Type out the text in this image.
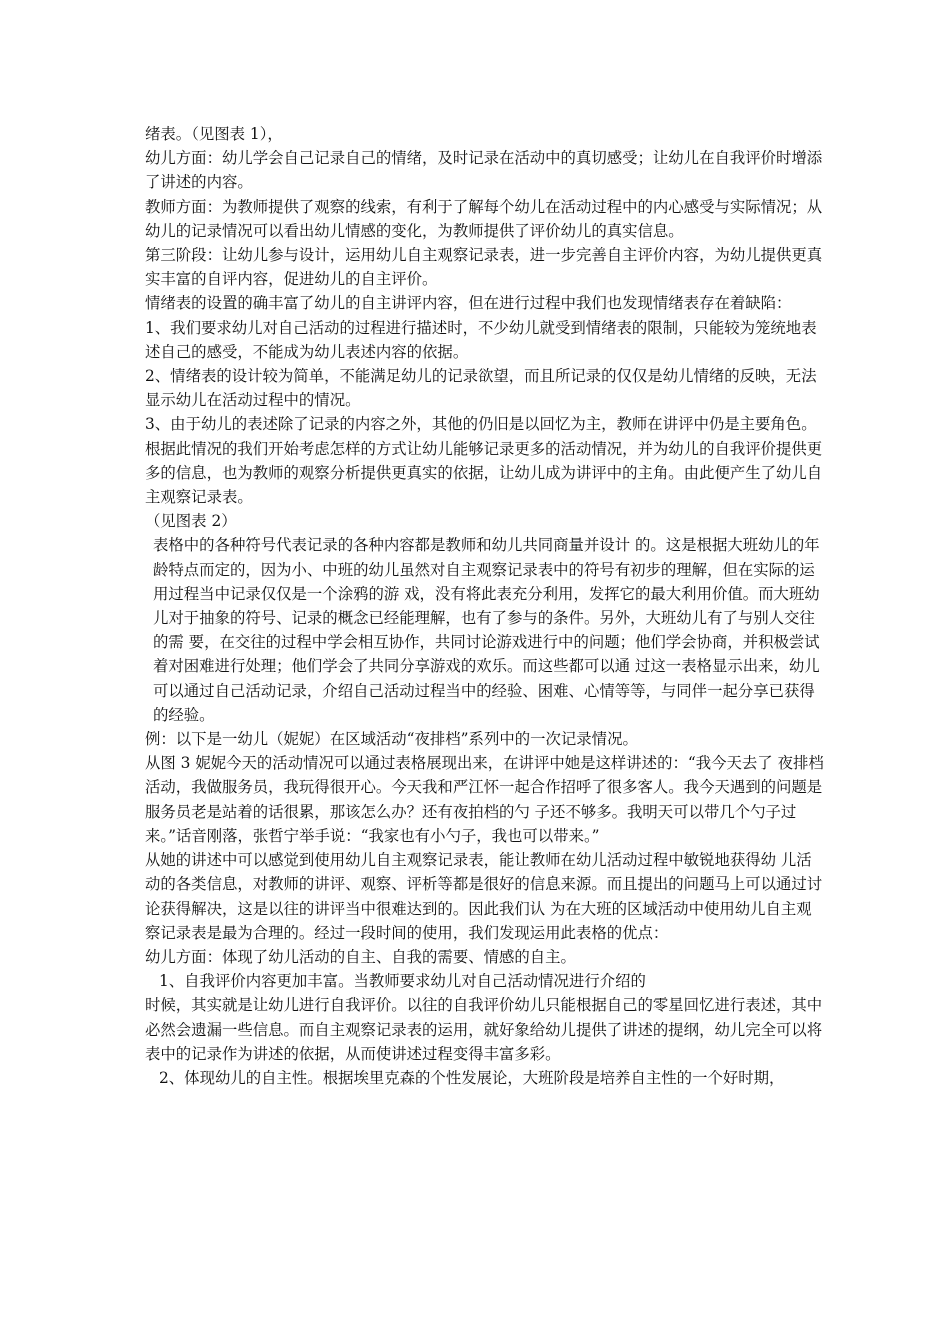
绪表。（见图表 1），

幼儿方面：幼儿学会自己记录自己的情绪，及时记录在活动中的真切感受；让幼儿在自我评价时增添了讲述的内容。

教师方面：为教师提供了观察的线索，有利于了解每个幼儿在活动过程中的内心感受与实际情况；从幼儿的记录情况可以看出幼儿情感的变化，为教师提供了评价幼儿的真实信息。

第三阶段：让幼儿参与设计，运用幼儿自主观察记录表，进一步完善自主评价内容，为幼儿提供更真实丰富的自评内容，促进幼儿的自主评价。

情绪表的设置的确丰富了幼儿的自主讲评内容，但在进行过程中我们也发现情绪表存在着缺陷：

1、我们要求幼儿对自己活动的过程进行描述时，不少幼儿就受到情绪表的限制，只能较为笼统地表述自己的感受，不能成为幼儿表述内容的依据。

2、情绪表的设计较为简单，不能满足幼儿的记录欲望，而且所记录的仅仅是幼儿情绪的反映，无法显示幼儿在活动过程中的情况。

3、由于幼儿的表述除了记录的内容之外，其他的仍旧是以回忆为主，教师在讲评中仍是主要角色。

根据此情况的我们开始考虑怎样的方式让幼儿能够记录更多的活动情况，并为幼儿的自我评价提供更多的信息，也为教师的观察分析提供更真实的依据，让幼儿成为讲评中的主角。由此便产生了幼儿自主观察记录表。

（见图表 2）

表格中的各种符号代表记录的各种内容都是教师和幼儿共同商量并设计 的。这是根据大班幼儿的年龄特点而定的，因为小、中班的幼儿虽然对自主观察记录表中的符号有初步的理解，但在实际的运用过程当中记录仅仅是一个涂鸦的游 戏，没有将此表充分利用，发挥它的最大利用价值。而大班幼儿对于抽象的符号、记录的概念已经能理解，也有了参与的条件。另外，大班幼儿有了与别人交往的需 要，在交往的过程中学会相互协作，共同讨论游戏进行中的问题；他们学会协商，并积极尝试着对困难进行处理；他们学会了共同分享游戏的欢乐。而这些都可以通 过这一表格显示出来，幼儿可以通过自己活动记录，介绍自己活动过程当中的经验、困难、心情等等，与同伴一起分享已获得的经验。

例：以下是一幼儿（妮妮）在区域活动“夜排档”系列中的一次记录情况。

从图 3 妮妮今天的活动情况可以通过表格展现出来，在讲评中她是这样讲述的：“我今天去了 夜排档活动，我做服务员，我玩得很开心。今天我和严江怀一起合作招呼了很多客人。我今天遇到的问题是服务员老是站着的话很累，那该怎么办？还有夜拍档的勺 子还不够多。我明天可以带几个勺子过来。”话音刚落，张哲宁举手说：“我家也有小勺子，我也可以带来。”

从她的讲述中可以感觉到使用幼儿自主观察记录表，能让教师在幼儿活动过程中敏锐地获得幼 儿活动的各类信息，对教师的讲评、观察、评析等都是很好的信息来源。而且提出的问题马上可以通过讨论获得解决，这是以往的讲评当中很难达到的。因此我们认 为在大班的区域活动中使用幼儿自主观察记录表是最为合理的。经过一段时间的使用，我们发现运用此表格的优点：

幼儿方面：体现了幼儿活动的自主、自我的需要、情感的自主。

1、自我评价内容更加丰富。当教师要求幼儿对自己活动情况进行介绍的

时候，其实就是让幼儿进行自我评价。以往的自我评价幼儿只能根据自己的零星回忆进行表述，其中必然会遗漏一些信息。而自主观察记录表的运用，就好象给幼儿提供了讲述的提纲，幼儿完全可以将表中的记录作为讲述的依据，从而使讲述过程变得丰富多彩。

2、体现幼儿的自主性。根据埃里克森的个性发展论，大班阶段是培养自主性的一个好时期，
